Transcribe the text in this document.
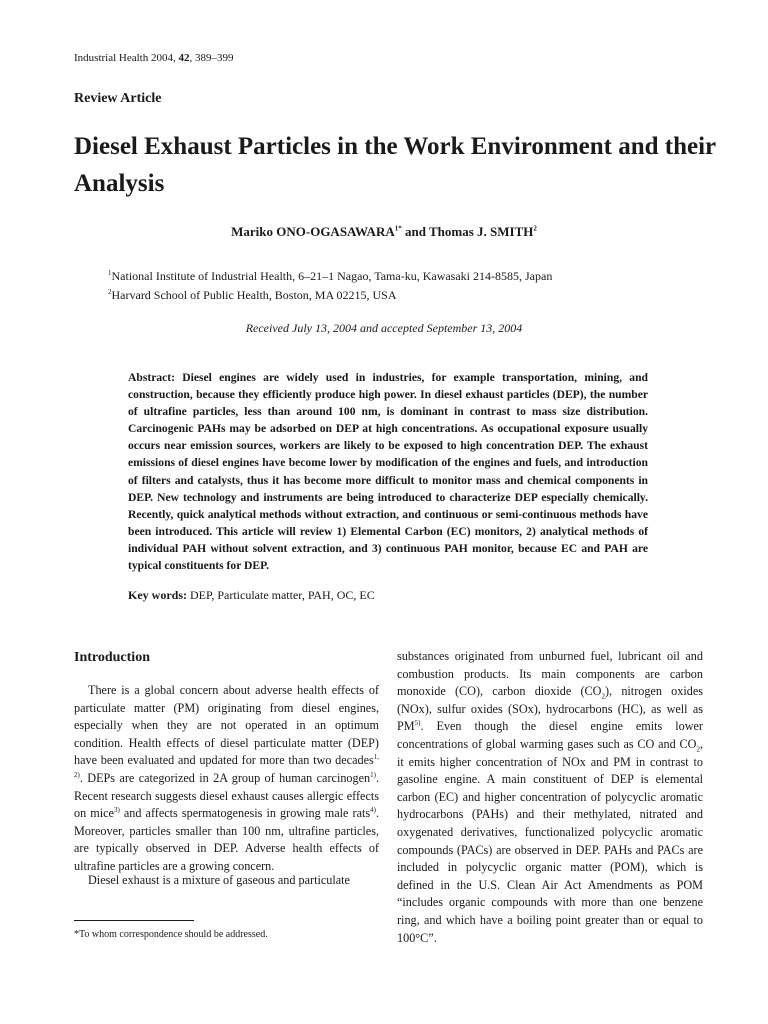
Industrial Health 2004, 42, 389–399
Review Article
Diesel Exhaust Particles in the Work Environment and their Analysis
Mariko ONO-$OGASAWARA^{1*}$ and Thomas J. SMITH$^2$
$^1$National Institute of Industrial Health, 6–21–1 Nagao, Tama-ku, Kawasaki 214-8585, Japan
$^2$Harvard School of Public Health, Boston, MA 02215, USA
Received July 13, 2004 and accepted September 13, 2004
Abstract: Diesel engines are widely used in industries, for example transportation, mining, and construction, because they efficiently produce high power. In diesel exhaust particles (DEP), the number of ultrafine particles, less than around 100 nm, is dominant in contrast to mass size distribution. Carcinogenic PAHs may be adsorbed on DEP at high concentrations. As occupational exposure usually occurs near emission sources, workers are likely to be exposed to high concentration DEP. The exhaust emissions of diesel engines have become lower by modification of the engines and fuels, and introduction of filters and catalysts, thus it has become more difficult to monitor mass and chemical components in DEP. New technology and instruments are being introduced to characterize DEP especially chemically. Recently, quick analytical methods without extraction, and continuous or semi-continuous methods have been introduced. This article will review 1) Elemental Carbon (EC) monitors, 2) analytical methods of individual PAH without solvent extraction, and 3) continuous PAH monitor, because EC and PAH are typical constituents for DEP.
Key words: DEP, Particulate matter, PAH, OC, EC
Introduction
There is a global concern about adverse health effects of particulate matter (PM) originating from diesel engines, especially when they are not operated in an optimum condition. Health effects of diesel particulate matter (DEP) have been evaluated and updated for more than two decades$^{1, 2)}$. DEPs are categorized in 2A group of human carcinogen$^{1)}$. Recent research suggests diesel exhaust causes allergic effects on mice$^{3)}$ and affects spermatogenesis in growing male rats$^{4)}$. Moreover, particles smaller than 100 nm, ultrafine particles, are typically observed in DEP. Adverse health effects of ultrafine particles are a growing concern.
Diesel exhaust is a mixture of gaseous and particulate
substances originated from unburned fuel, lubricant oil and combustion products. Its main components are carbon monoxide (CO), carbon dioxide $(CO_2)$, nitrogen oxides (NOx), sulfur oxides (SOx), hydrocarbons (HC), as well as PM$^{5)}$. Even though the diesel engine emits lower concentrations of global warming gases such as CO and $CO_2$, it emits higher concentration of NOx and PM in contrast to gasoline engine. A main constituent of DEP is elemental carbon (EC) and higher concentration of polycyclic aromatic hydrocarbons (PAHs) and their methylated, nitrated and oxygenated derivatives, functionalized polycyclic aromatic compounds (PACs) are observed in DEP. PAHs and PACs are included in polycyclic organic matter (POM), which is defined in the U.S. Clean Air Act Amendments as POM “includes organic compounds with more than one benzene ring, and which have a boiling point greater than or equal to 100°C”.
*To whom correspondence should be addressed.
